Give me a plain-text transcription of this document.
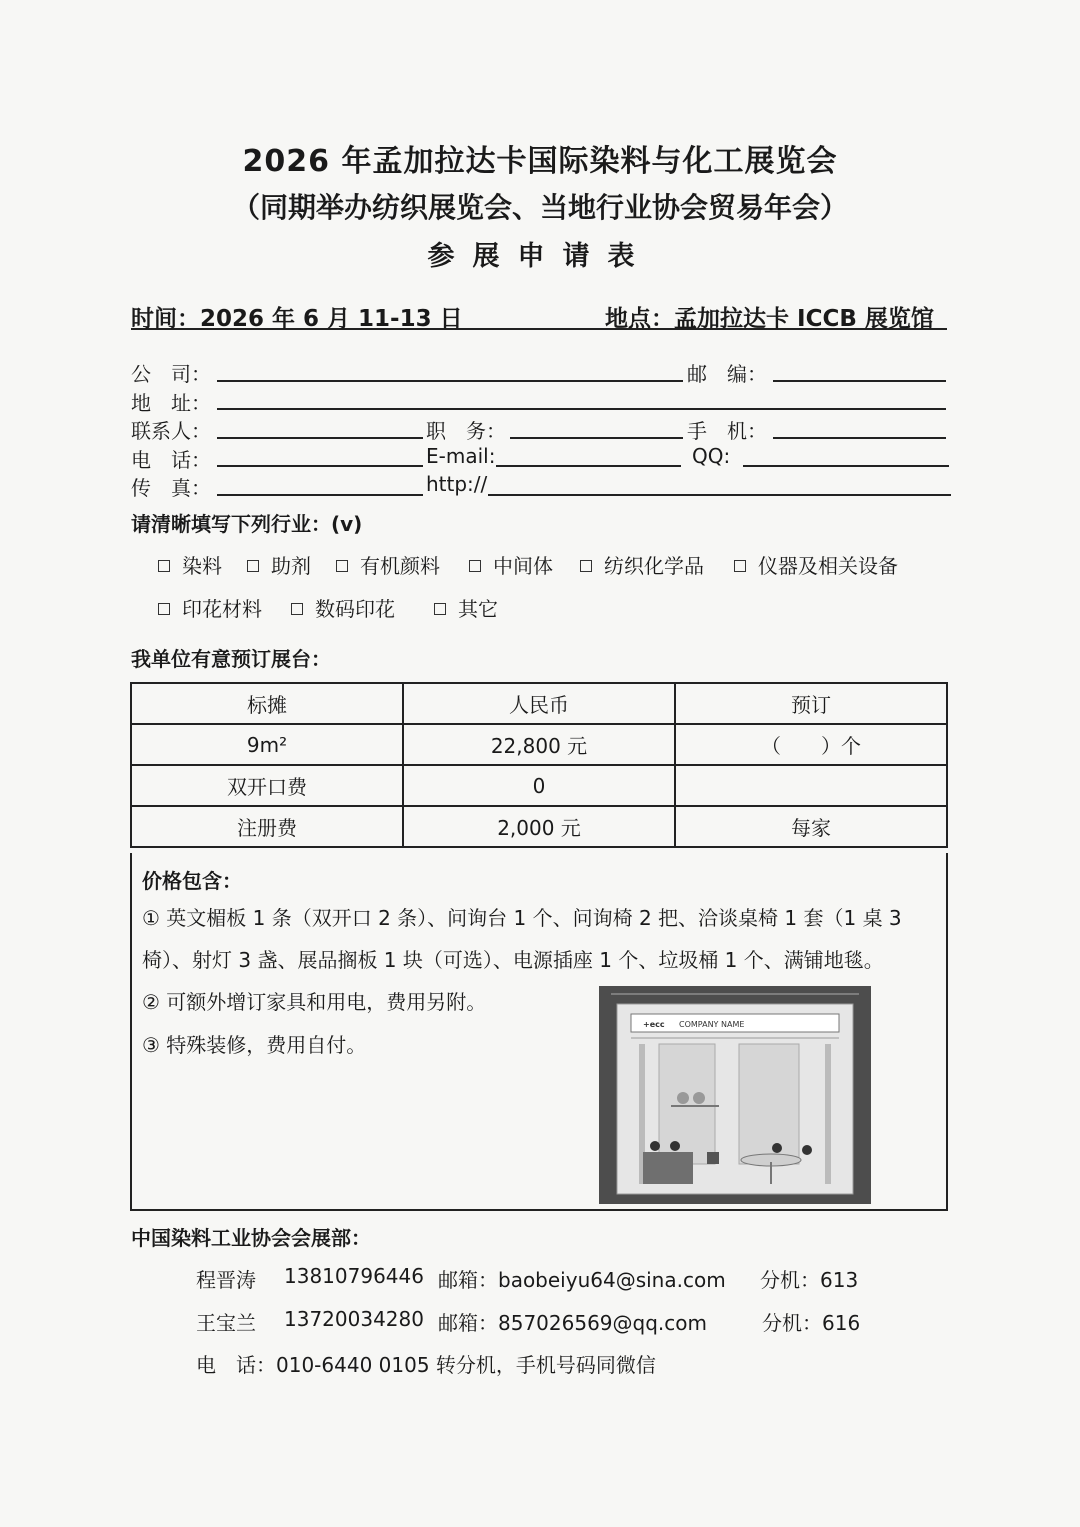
2026 年孟加拉达卡国际染料与化工展览会
（同期举办纺织展览会、当地行业协会贸易年会）
参展申请表
时间：2026 年 6 月 11-13 日	地点：孟加拉达卡 ICCB 展览馆
公　司：	邮　编：
地　址：
联系人：	职　务：	手　机：
电　话：	E-mail:	QQ:
传　真：	http://
请清晰填写下列行业：(v)
染料	助剂	有机颜料	中间体	纺织化学品	仪器及相关设备
印花材料	数码印花	其它
我单位有意预订展台：
标摊	人民币	预订
9m²	22,800 元	（　　）个
双开口费	0	
注册费	2,000 元	每家
价格包含：
① 英文楣板 1 条（双开口 2 条）、问询台 1 个、问询椅 2 把、洽谈桌椅 1 套（1 桌 3 椅）、射灯 3 盏、展品搁板 1 块（可选）、电源插座 1 个、垃圾桶 1 个、满铺地毯。
② 可额外增订家具和用电，费用另附。
③ 特殊装修，费用自付。
COMPANY NAME
+ecc
中国染料工业协会会展部：
程晋涛 13810796446 邮箱：baobeiyu64@sina.com 分机：613
王宝兰 13720034280 邮箱：857026569@qq.com	分机：616
电　话：010-6440 0105 转分机，手机号码同微信
